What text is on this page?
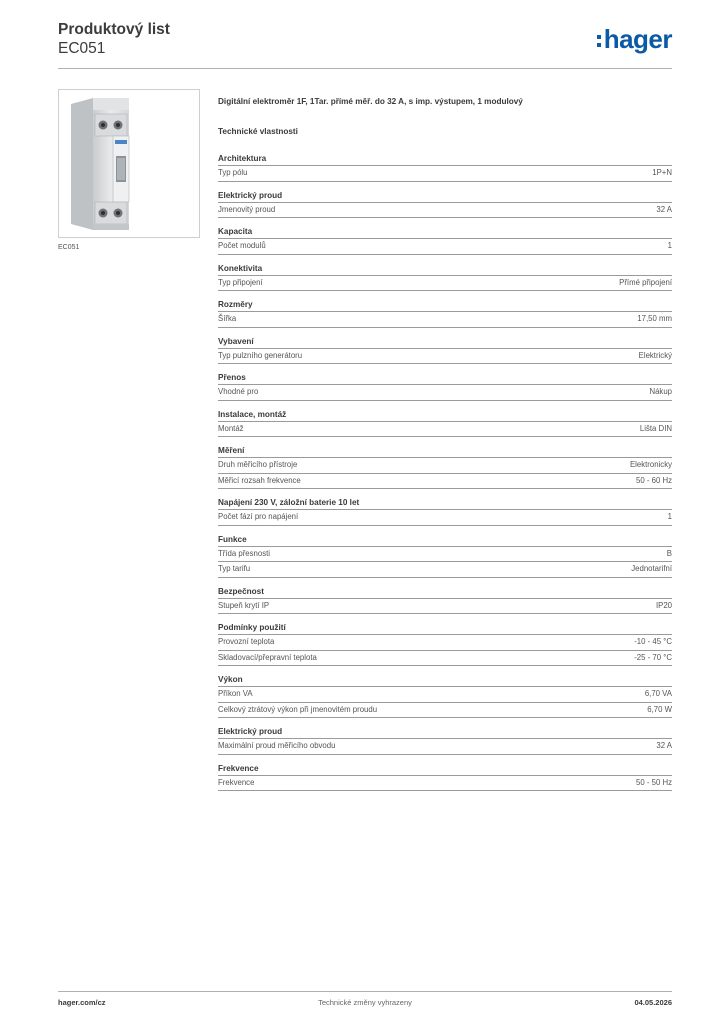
Produktový list
EC051	hager
EC051
Digitální elektroměr 1F, 1Tar. přímé měř. do 32 A, s imp. výstupem, 1 modulový
Technické vlastnosti
Architektura
Typ pólu	1P+N
Elektrický proud
Jmenovitý proud	32 A
Kapacita
Počet modulů	1
Konektivita
Typ připojení	Přímé připojení
Rozměry
Šířka	17,50 mm
Vybavení
Typ pulzního generátoru	Elektrický
Přenos
Vhodné pro	Nákup
Instalace, montáž
Montáž	Lišta DIN
Měření
Druh měřicího přístroje	Elektronicky
Měřicí rozsah frekvence	50 - 60 Hz
Napájení 230 V, záložní baterie 10 let
Počet fází pro napájení	1
Funkce
Třída přesnosti	B
Typ tarifu	Jednotarifní
Bezpečnost
Stupeň krytí IP	IP20
Podmínky použití
Provozní teplota	-10 - 45 °C
Skladovací/přepravní teplota	-25 - 70 °C
Výkon
Příkon VA	6,70 VA
Celkový ztrátový výkon při jmenovitém proudu	6,70 W
Elektrický proud
Maximální proud měřicího obvodu	32 A
Frekvence
Frekvence	50 - 50 Hz
hager.com/cz	Technické změny vyhrazeny	04.05.2026
